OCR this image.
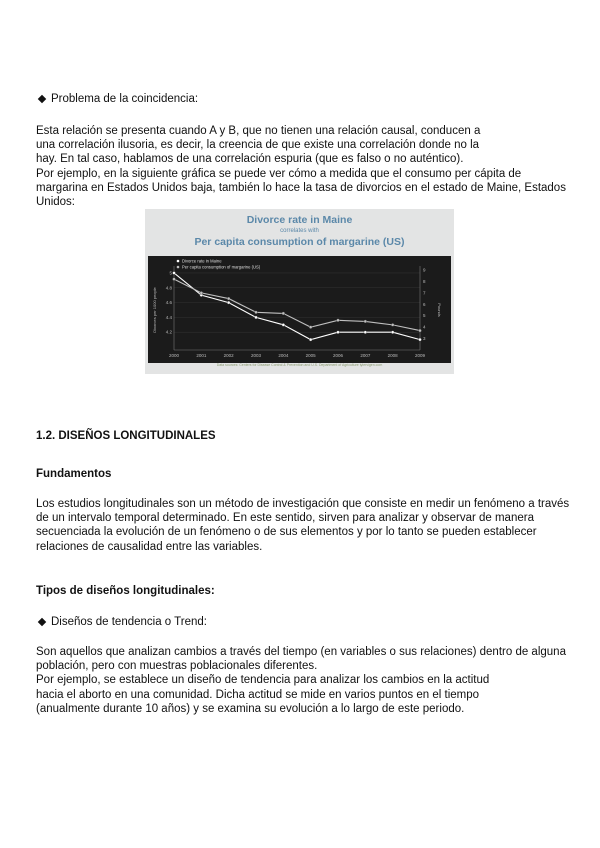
Problema de la coincidencia:
Esta relación se presenta cuando A y B, que no tienen una relación causal, conducen a
una correlación ilusoria, es decir, la creencia de que existe una correlación donde no la
hay. En tal caso, hablamos de una correlación espuria (que es falso o no auténtico).
Por ejemplo, en la siguiente gráfica se puede ver cómo a medida que el consumo per cápita de
margarina en Estados Unidos baja, también lo hace la tasa de divorcios en el estado de Maine, Estados
Unidos:
Divorce rate in Maine
correlates with
Per capita consumption of margarine (US)
4.2
4.4
4.6
4.8
5
3
4
5
6
7
8
9
2000	2001	2002	2003	2004	2005	2006	2007	2008	2009
Divorces per 1000 people	Pounds
Divorce rate in Maine
Per capita consumption of margarine (US)
Data sources: Centers for Disease Control & Prevention and U.S. Department of Agriculture tylervigen.com
1.2. DISEÑOS LONGITUDINALES
Fundamentos
Los estudios longitudinales son un método de investigación que consiste en medir un fenómeno a través
de un intervalo temporal determinado. En este sentido, sirven para analizar y observar de manera
secuenciada la evolución de un fenómeno o de sus elementos y por lo tanto se pueden establecer
relaciones de causalidad entre las variables.
Tipos de diseños longitudinales:
Diseños de tendencia o Trend:
Son aquellos que analizan cambios a través del tiempo (en variables o sus relaciones) dentro de alguna
población, pero con muestras poblacionales diferentes.
Por ejemplo, se establece un diseño de tendencia para analizar los cambios en la actitud
hacia el aborto en una comunidad. Dicha actitud se mide en varios puntos en el tiempo
(anualmente durante 10 años) y se examina su evolución a lo largo de este periodo.
